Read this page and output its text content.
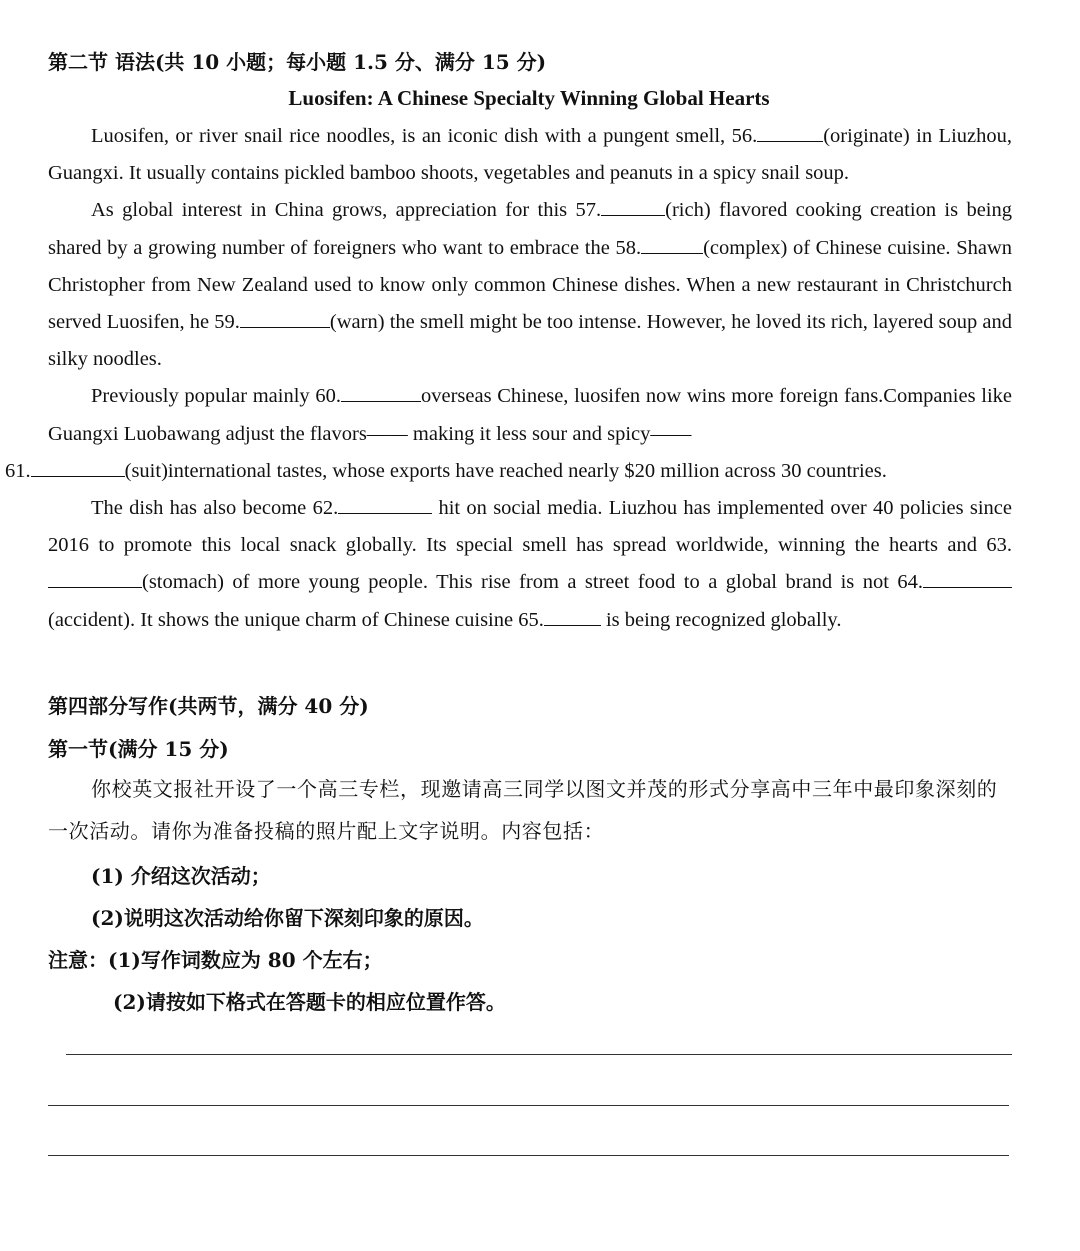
第二节 语法(共 10 小题；每小题 1.5 分、满分 15 分)
Luosifen: A Chinese Specialty Winning Global Hearts

Luosifen, or river snail rice noodles, is an iconic dish with a pungent smell, 56.	(originate) in Liuzhou, Guangxi. It usually contains pickled bamboo shoots, vegetables and peanuts in a spicy snail soup.

As global interest in China grows, appreciation for this 57.	(rich) flavored cooking creation is being shared by a growing number of foreigners who want to embrace the 58.	(complex) of Chinese cuisine. Shawn Christopher from New Zealand used to know only common Chinese dishes. When a new restaurant in Christchurch served Luosifen, he 59.	(warn) the smell might be too intense. However, he loved its rich, layered soup and silky noodles.

Previously popular mainly 60.	overseas Chinese, luosifen now wins more foreign fans.Companies like Guangxi Luobawang adjust the flavors—— making it less sour and spicy——
61.	(suit)international tastes, whose exports have reached nearly $20 million across 30 countries.

The dish has also become 62.	hit on social media. Liuzhou has implemented over 40 policies since 2016 to promote this local snack globally. Its special smell has spread worldwide, winning the hearts and 63.(stomach) of more young people. This rise from a street food to a global brand is not 64.(accident). It shows the unique charm of Chinese cuisine 65.	is being recognized globally.

第四部分写作(共两节，满分 40 分)
第一节(满分 15 分)
你校英文报社开设了一个高三专栏，现邀请高三同学以图文并茂的形式分享高中三年中最印象深刻的一次活动。请你为准备投稿的照片配上文字说明。内容包括：
(1) 介绍这次活动；
(2)说明这次活动给你留下深刻印象的原因。
注意：(1)写作词数应为 80 个左右；
(2)请按如下格式在答题卡的相应位置作答。
